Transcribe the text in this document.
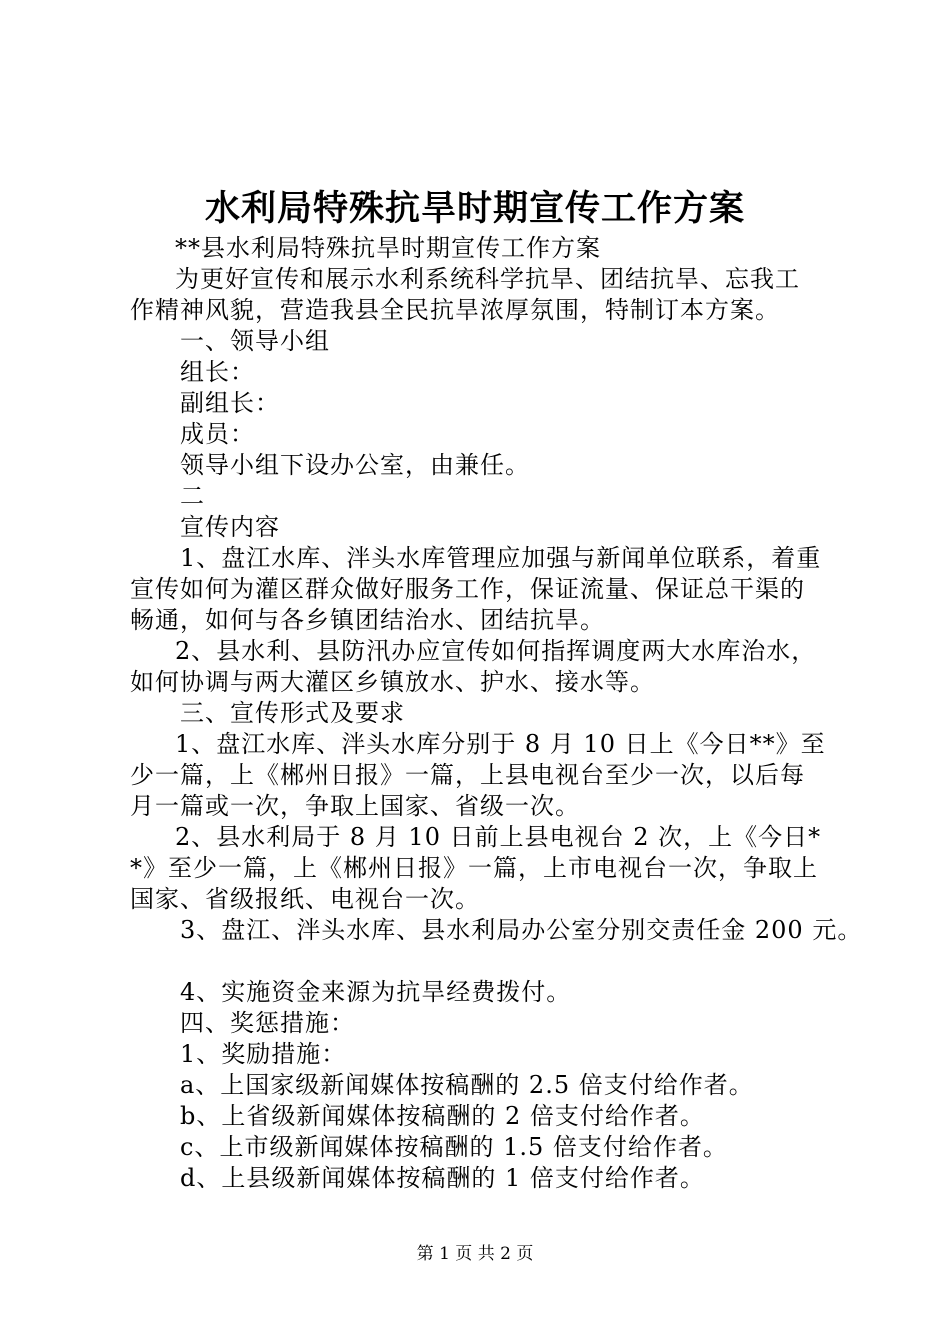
水利局特殊抗旱时期宣传工作方案

**县水利局特殊抗旱时期宣传工作方案

为更好宣传和展示水利系统科学抗旱、团结抗旱、忘我工

作精神风貌，营造我县全民抗旱浓厚氛围，特制订本方案。

一、领导小组

组长：

副组长：

成员：

领导小组下设办公室，由兼任。

二

宣传内容

1、盘江水库、泮头水库管理应加强与新闻单位联系，着重

宣传如何为灌区群众做好服务工作，保证流量、保证总干渠的

畅通，如何与各乡镇团结治水、团结抗旱。

2、县水利、县防汛办应宣传如何指挥调度两大水库治水，

如何协调与两大灌区乡镇放水、护水、接水等。

三、宣传形式及要求

1、盘江水库、泮头水库分别于 8 月 10 日上《今日**》至

少一篇，上《郴州日报》一篇，上县电视台至少一次，以后每

月一篇或一次，争取上国家、省级一次。

2、县水利局于 8 月 10 日前上县电视台 2 次，上《今日*

*》至少一篇，上《郴州日报》一篇，上市电视台一次，争取上

国家、省级报纸、电视台一次。

3、盘江、泮头水库、县水利局办公室分别交责任金 200 元。

4、实施资金来源为抗旱经费拨付。

四、奖惩措施：

1、奖励措施：

a、上国家级新闻媒体按稿酬的 2.5 倍支付给作者。

b、上省级新闻媒体按稿酬的 2 倍支付给作者。

c、上市级新闻媒体按稿酬的 1.5 倍支付给作者。

d、上县级新闻媒体按稿酬的 1 倍支付给作者。

第 1 页 共 2 页
